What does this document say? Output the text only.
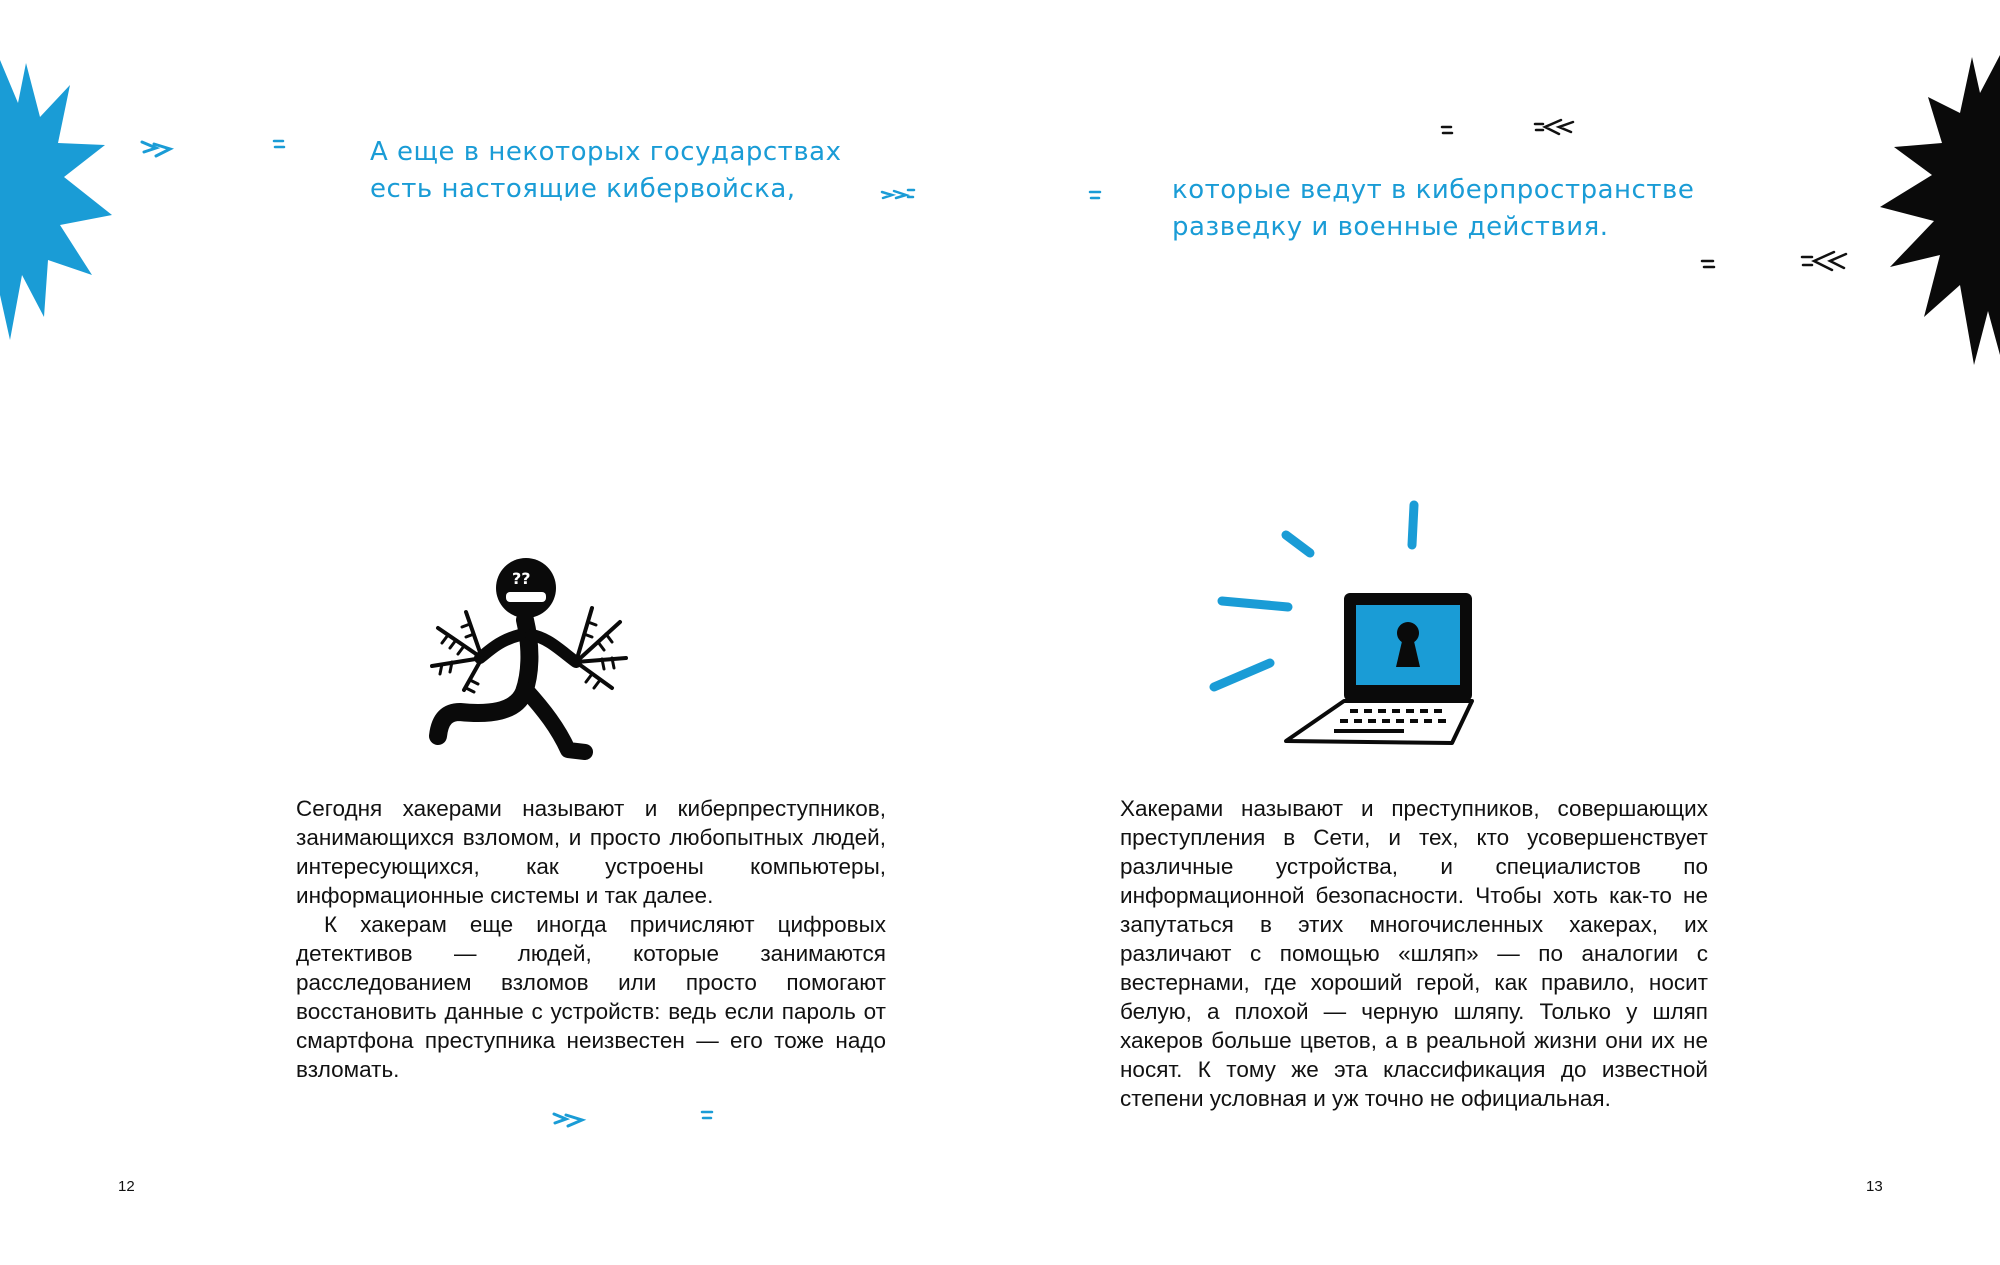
А еще в некоторых государствах
есть настоящие кибервойска,	которые ведут в киберпространстве
разведку и военные действия.
??

Сегодня хакерами называют и киберпреступников, занимающихся взломом, и просто любопытных людей, интересующихся, как устроены компьютеры, информационные системы и так далее.

К хакерам еще иногда причисляют цифровых детективов — людей, которые занимаются расследованием взломов или просто помогают восстановить данные с устройств: ведь если пароль от смартфона преступника неизвестен — его тоже надо взломать.

Хакерами называют и преступников, совершающих преступления в Сети, и тех, кто усовершенствует различные устройства, и специалистов по информационной безопасности. Чтобы хоть как-то не запутаться в этих многочисленных хакерах, их различают с помощью «шляп» — по аналогии с вестернами, где хороший герой, как правило, носит белую, а плохой — черную шляпу. Только у шляп хакеров больше цветов, а в реальной жизни они их не носят. К тому же эта классификация до известной степени условная и уж точно не официальная.

12	13
